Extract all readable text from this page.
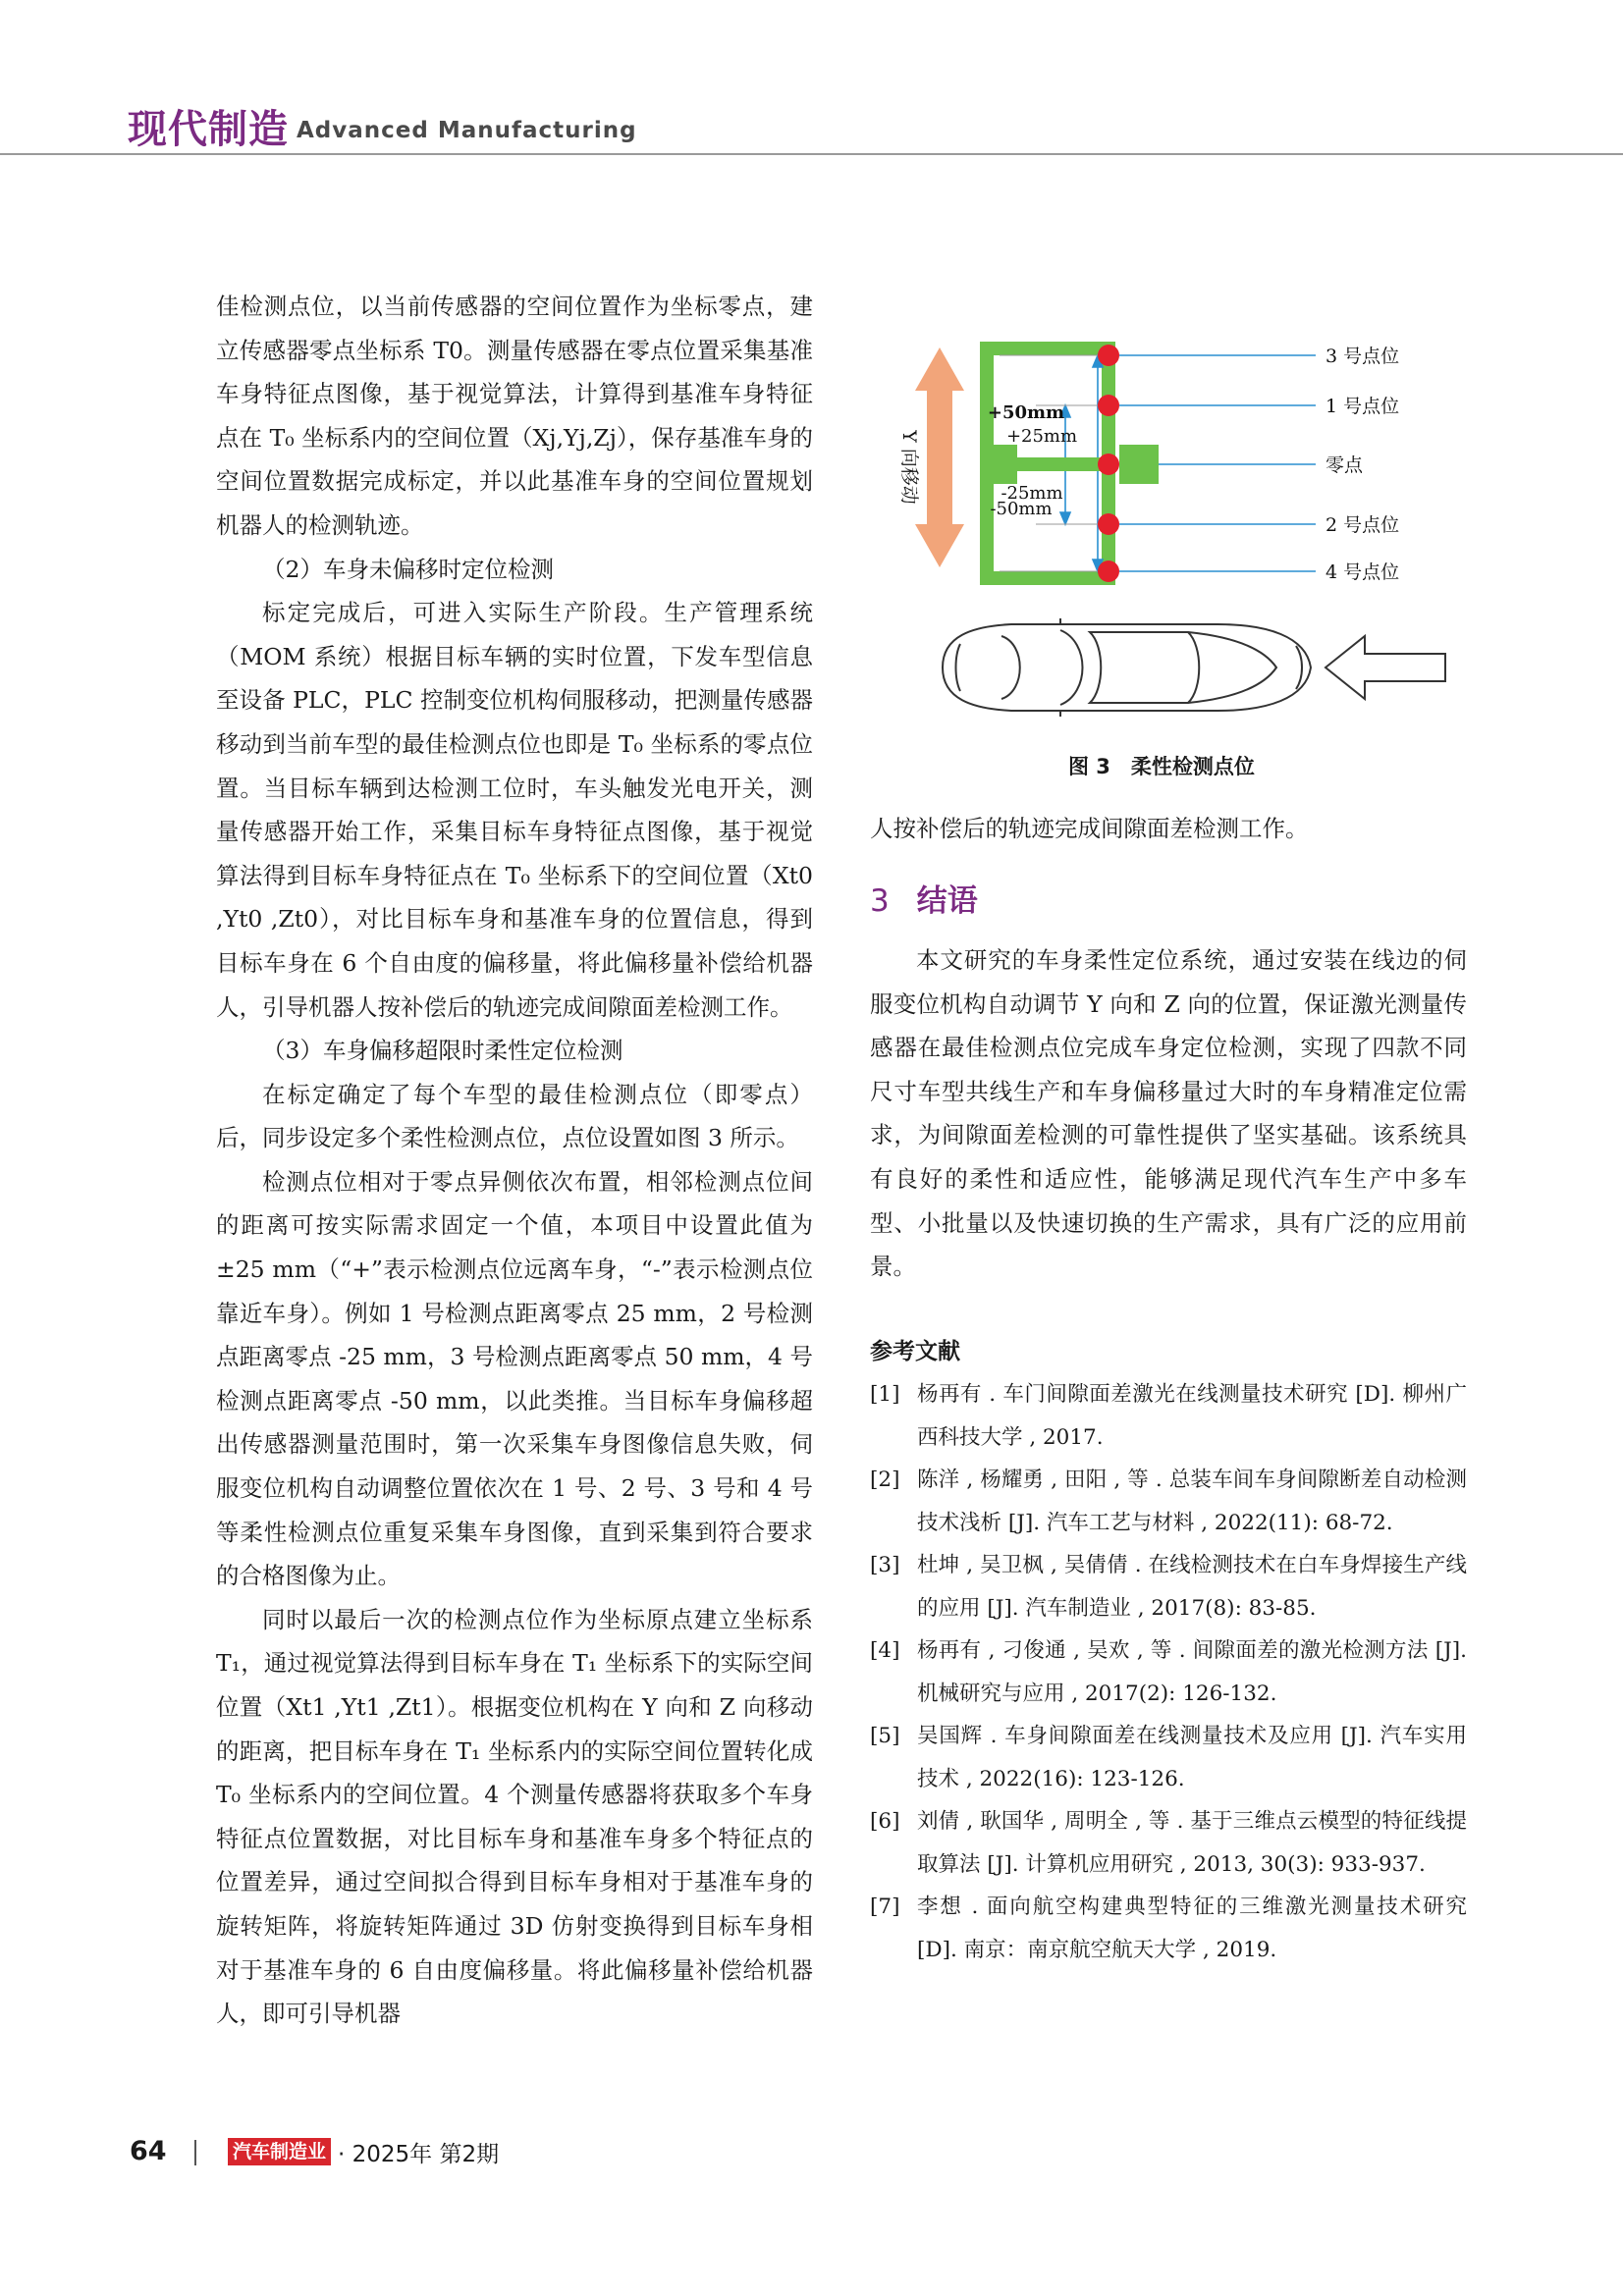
现代制造 Advanced Manufacturing

佳检测点位，以当前传感器的空间位置作为坐标零点，建立传感器零点坐标系 T0。测量传感器在零点位置采集基准车身特征点图像，基于视觉算法，计算得到基准车身特征点在 T₀ 坐标系内的空间位置（Xj,Yj,Zj），保存基准车身的空间位置数据完成标定，并以此基准车身的空间位置规划机器人的检测轨迹。

（2）车身未偏移时定位检测

标定完成后，可进入实际生产阶段。生产管理系统（MOM 系统）根据目标车辆的实时位置，下发车型信息至设备 PLC，PLC 控制变位机构伺服移动，把测量传感器移动到当前车型的最佳检测点位也即是 T₀ 坐标系的零点位置。当目标车辆到达检测工位时，车头触发光电开关，测量传感器开始工作，采集目标车身特征点图像，基于视觉算法得到目标车身特征点在 T₀ 坐标系下的空间位置（Xt0 ,Yt0 ,Zt0），对比目标车身和基准车身的位置信息，得到目标车身在 6 个自由度的偏移量，将此偏移量补偿给机器人，引导机器人按补偿后的轨迹完成间隙面差检测工作。

（3）车身偏移超限时柔性定位检测

在标定确定了每个车型的最佳检测点位（即零点）后，同步设定多个柔性检测点位，点位设置如图 3 所示。

检测点位相对于零点异侧依次布置，相邻检测点位间的距离可按实际需求固定一个值，本项目中设置此值为 ±25 mm（“+”表示检测点位远离车身，“-”表示检测点位靠近车身）。例如 1 号检测点距离零点 25 mm，2 号检测点距离零点 -25 mm，3 号检测点距离零点 50 mm，4 号检测点距离零点 -50 mm，以此类推。当目标车身偏移超出传感器测量范围时，第一次采集车身图像信息失败，伺服变位机构自动调整位置依次在 1 号、2 号、3 号和 4 号等柔性检测点位重复采集车身图像，直到采集到符合要求的合格图像为止。

同时以最后一次的检测点位作为坐标原点建立坐标系 T₁，通过视觉算法得到目标车身在 T₁ 坐标系下的实际空间位置（Xt1 ,Yt1 ,Zt1）。根据变位机构在 Y 向和 Z 向移动的距离，把目标车身在 T₁ 坐标系内的实际空间位置转化成 T₀ 坐标系内的空间位置。4 个测量传感器将获取多个车身特征点位置数据，对比目标车身和基准车身多个特征点的位置差异，通过空间拟合得到目标车身相对于基准车身的旋转矩阵，将旋转矩阵通过 3D 仿射变换得到目标车身相对于基准车身的 6 自由度偏移量。将此偏移量补偿给机器人，即可引导机器

+50mm
+25mm
-25mm
-50mm
3 号点位
1 号点位
零点
2 号点位
4 号点位
Y 向移动
图 3　柔性检测点位

人按补偿后的轨迹完成间隙面差检测工作。

3 结语

本文研究的车身柔性定位系统，通过安装在线边的伺服变位机构自动调节 Y 向和 Z 向的位置，保证激光测量传感器在最佳检测点位完成车身定位检测，实现了四款不同尺寸车型共线生产和车身偏移量过大时的车身精准定位需求，为间隙面差检测的可靠性提供了坚实基础。该系统具有良好的柔性和适应性，能够满足现代汽车生产中多车型、小批量以及快速切换的生产需求，具有广泛的应用前景。

参考文献
[1] 杨再有 . 车门间隙面差激光在线测量技术研究 [D]. 柳州广西科技大学 , 2017.
[2] 陈洋 , 杨耀勇 , 田阳 , 等 . 总装车间车身间隙断差自动检测技术浅析 [J]. 汽车工艺与材料 , 2022(11): 68-72.
[3] 杜坤 , 吴卫枫 , 吴倩倩 . 在线检测技术在白车身焊接生产线的应用 [J]. 汽车制造业 , 2017(8): 83-85.
[4] 杨再有 , 刁俊通 , 吴欢 , 等 . 间隙面差的激光检测方法 [J]. 机械研究与应用 , 2017(2): 126-132.
[5] 吴国辉 . 车身间隙面差在线测量技术及应用 [J]. 汽车实用技术 , 2022(16): 123-126.
[6] 刘倩 , 耿国华 , 周明全 , 等 . 基于三维点云模型的特征线提取算法 [J]. 计算机应用研究 , 2013, 30(3): 933-937.
[7] 李想 . 面向航空构建典型特征的三维激光测量技术研究 [D]. 南京：南京航空航天大学 , 2019.
64	汽车制造业 · 2025年 第2期
